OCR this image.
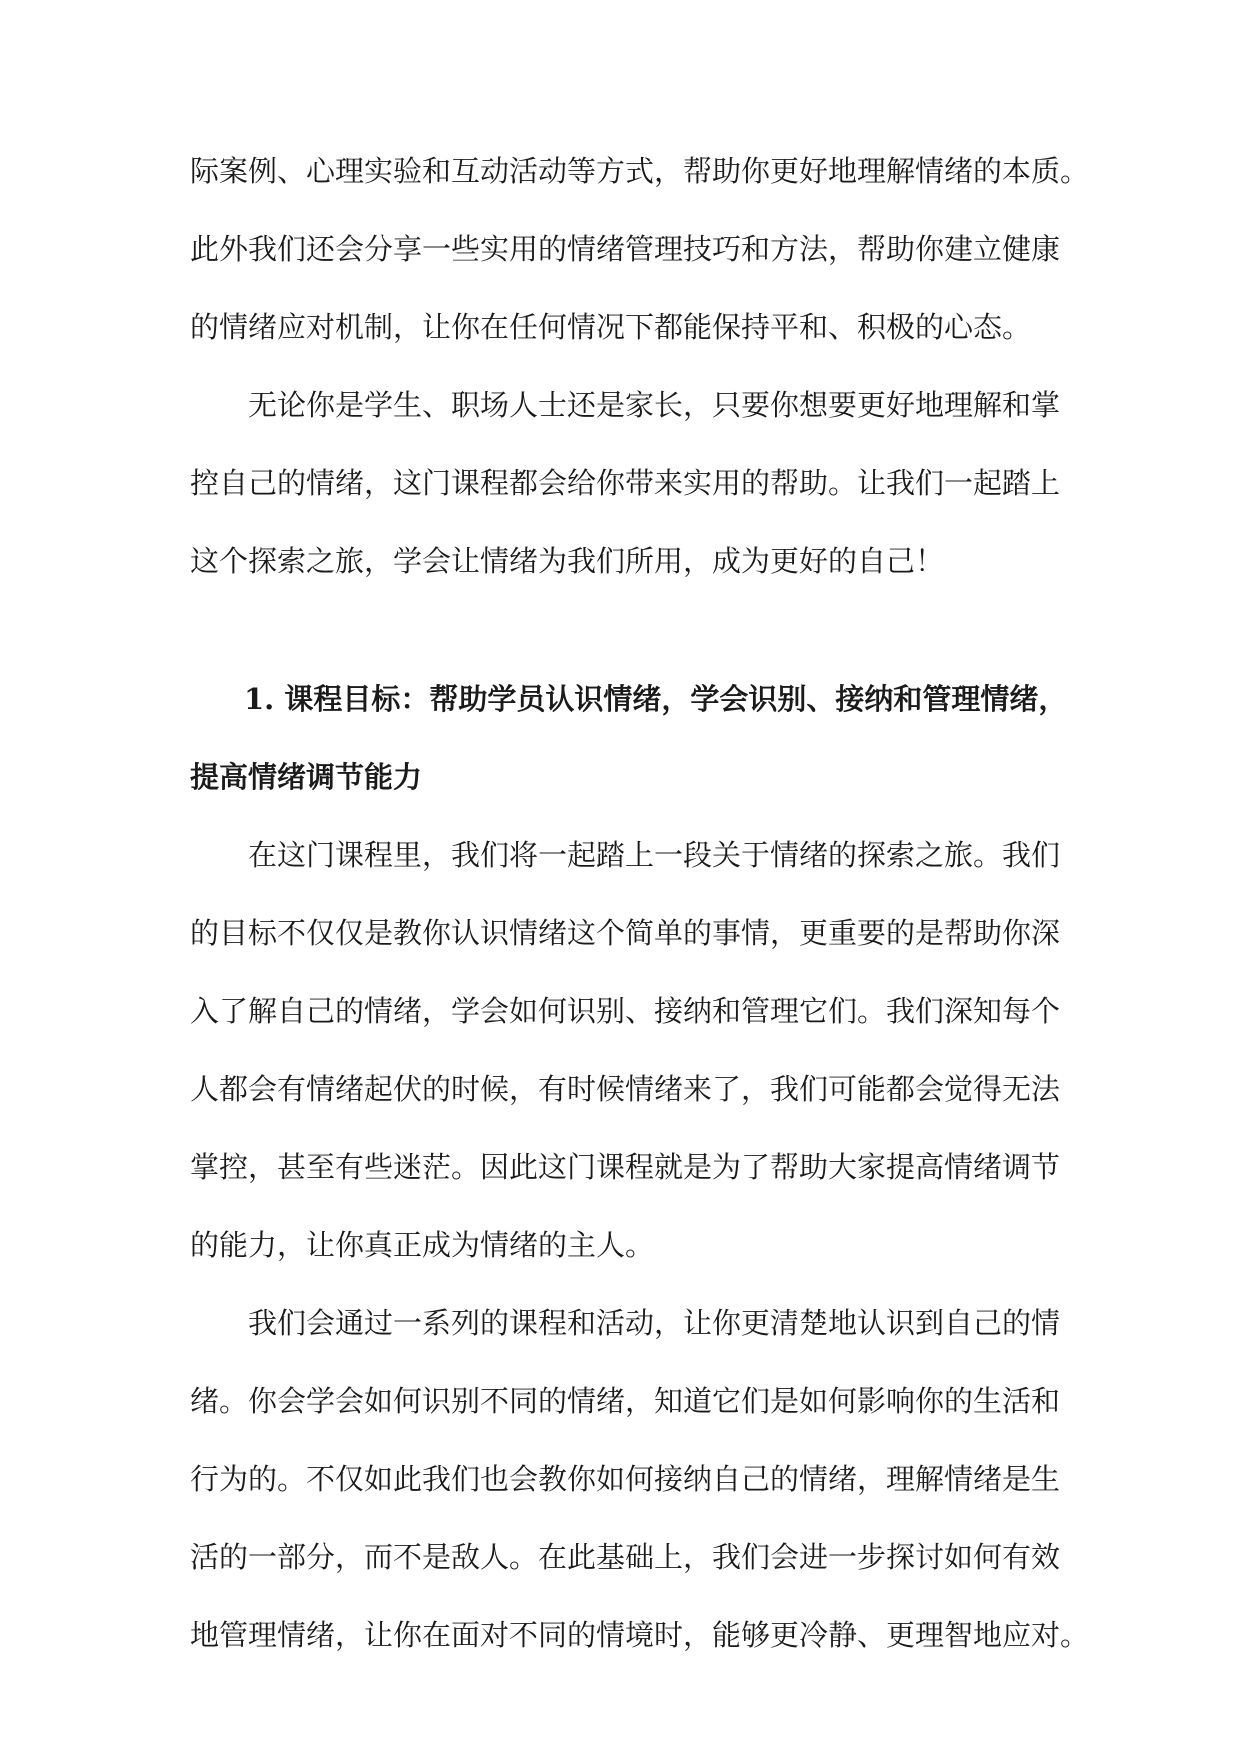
际案例、心理实验和互动活动等方式，帮助你更好地理解情绪的本质。
此外我们还会分享一些实用的情绪管理技巧和方法，帮助你建立健康
的情绪应对机制，让你在任何情况下都能保持平和、积极的心态。
无论你是学生、职场人士还是家长，只要你想要更好地理解和掌
控自己的情绪，这门课程都会给你带来实用的帮助。让我们一起踏上
这个探索之旅，学会让情绪为我们所用，成为更好的自己！
1. 课程目标：帮助学员认识情绪，学会识别、接纳和管理情绪，
提高情绪调节能力
在这门课程里，我们将一起踏上一段关于情绪的探索之旅。我们
的目标不仅仅是教你认识情绪这个简单的事情，更重要的是帮助你深
入了解自己的情绪，学会如何识别、接纳和管理它们。我们深知每个
人都会有情绪起伏的时候，有时候情绪来了，我们可能都会觉得无法
掌控，甚至有些迷茫。因此这门课程就是为了帮助大家提高情绪调节
的能力，让你真正成为情绪的主人。
我们会通过一系列的课程和活动，让你更清楚地认识到自己的情
绪。你会学会如何识别不同的情绪，知道它们是如何影响你的生活和
行为的。不仅如此我们也会教你如何接纳自己的情绪，理解情绪是生
活的一部分，而不是敌人。在此基础上，我们会进一步探讨如何有效
地管理情绪，让你在面对不同的情境时，能够更冷静、更理智地应对。
